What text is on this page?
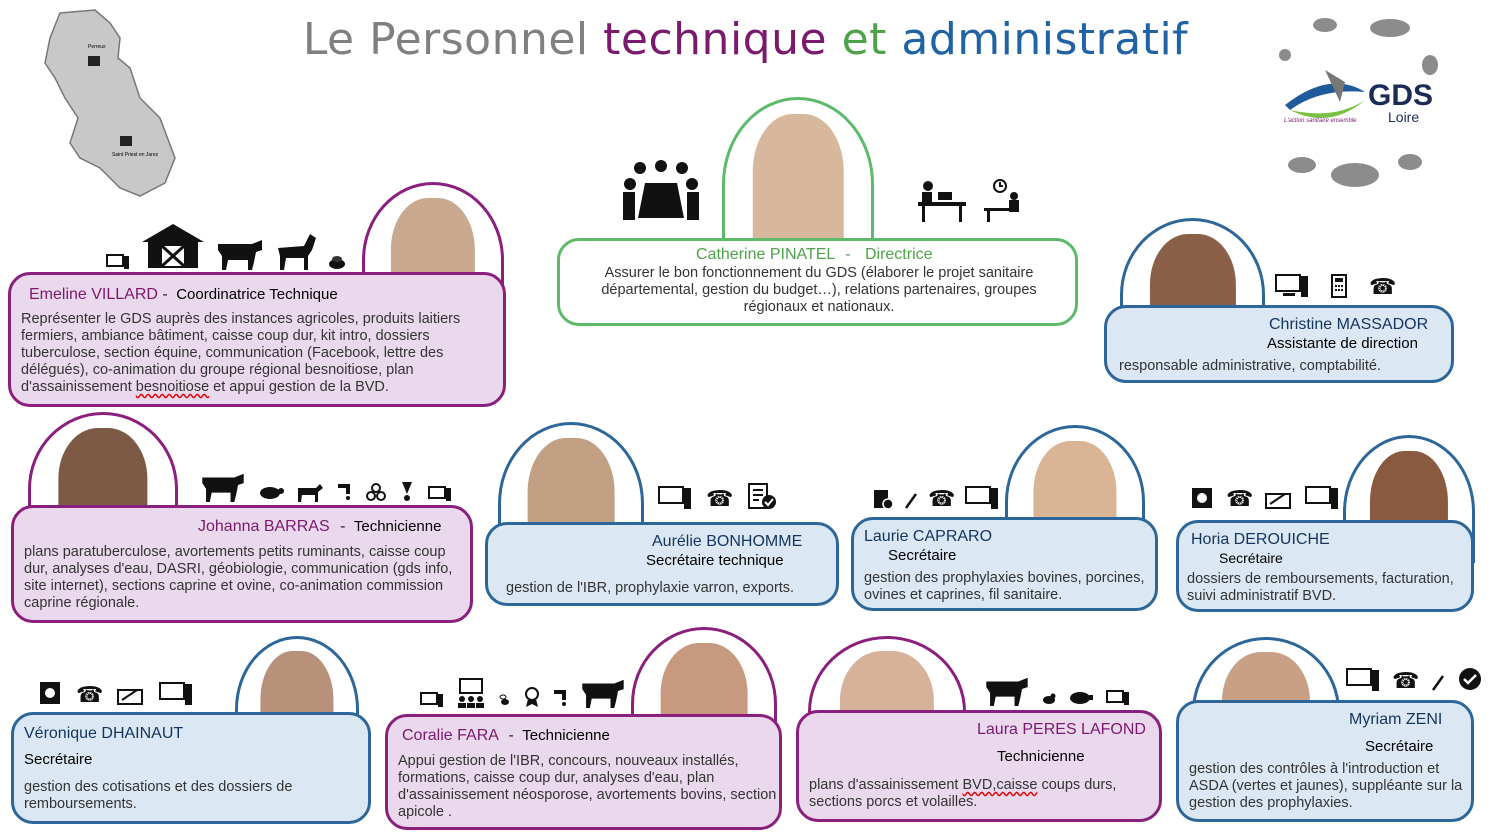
Le Personnel technique et administratif
Perreux
Saint Priest en Jarez
GDS
Loire
L'action sanitaire ensemble
Catherine PINATEL - Directrice
Assurer le bon fonctionnement du GDS (élaborer le projet sanitaire départemental, gestion du budget…), relations partenaires, groupes régionaux et nationaux.
Emeline VILLARD - Coordinatrice Technique
Représenter le GDS auprès des instances agricoles, produits laitiers fermiers, ambiance bâtiment, caisse coup dur, kit intro, dossiers tuberculose, section équine, communication (Facebook, lettre des délégués), co-animation du groupe régional besnoitiose, plan d'assainissement besnoitiose et appui gestion de la BVD.
☎
Christine MASSADOR
Assistante de direction
responsable administrative, comptabilité.
Johanna BARRAS - Technicienne
plans paratuberculose, avortements petits ruminants, caisse coup dur, analyses d'eau, DASRI, géobiologie, communication (gds info, site internet), sections caprine et ovine, co-animation commission caprine régionale.
☎
Aurélie BONHOMME
Secrétaire technique
gestion de l'IBR, prophylaxie varron, exports.
☎
Laurie CAPRARO
Secrétaire
gestion des prophylaxies bovines, porcines, ovines et caprines, fil sanitaire.
☎
Horia DEROUICHE
Secrétaire
dossiers de remboursements, facturation, suivi administratif BVD.
☎
Véronique DHAINAUT
Secrétaire
gestion des cotisations et des dossiers de remboursements.
Coralie FARA - Technicienne
Appui gestion de l'IBR, concours, nouveaux installés, formations, caisse coup dur, analyses d'eau, plan d'assainissement néosporose, avortements bovins, section apicole .
Laura PERES LAFOND
Technicienne
plans d'assainissement BVD,caisse coups durs, sections porcs et volailles.
☎
Myriam ZENI
Secrétaire
gestion des contrôles à l'introduction et ASDA (vertes et jaunes), suppléante sur la gestion des prophylaxies.
